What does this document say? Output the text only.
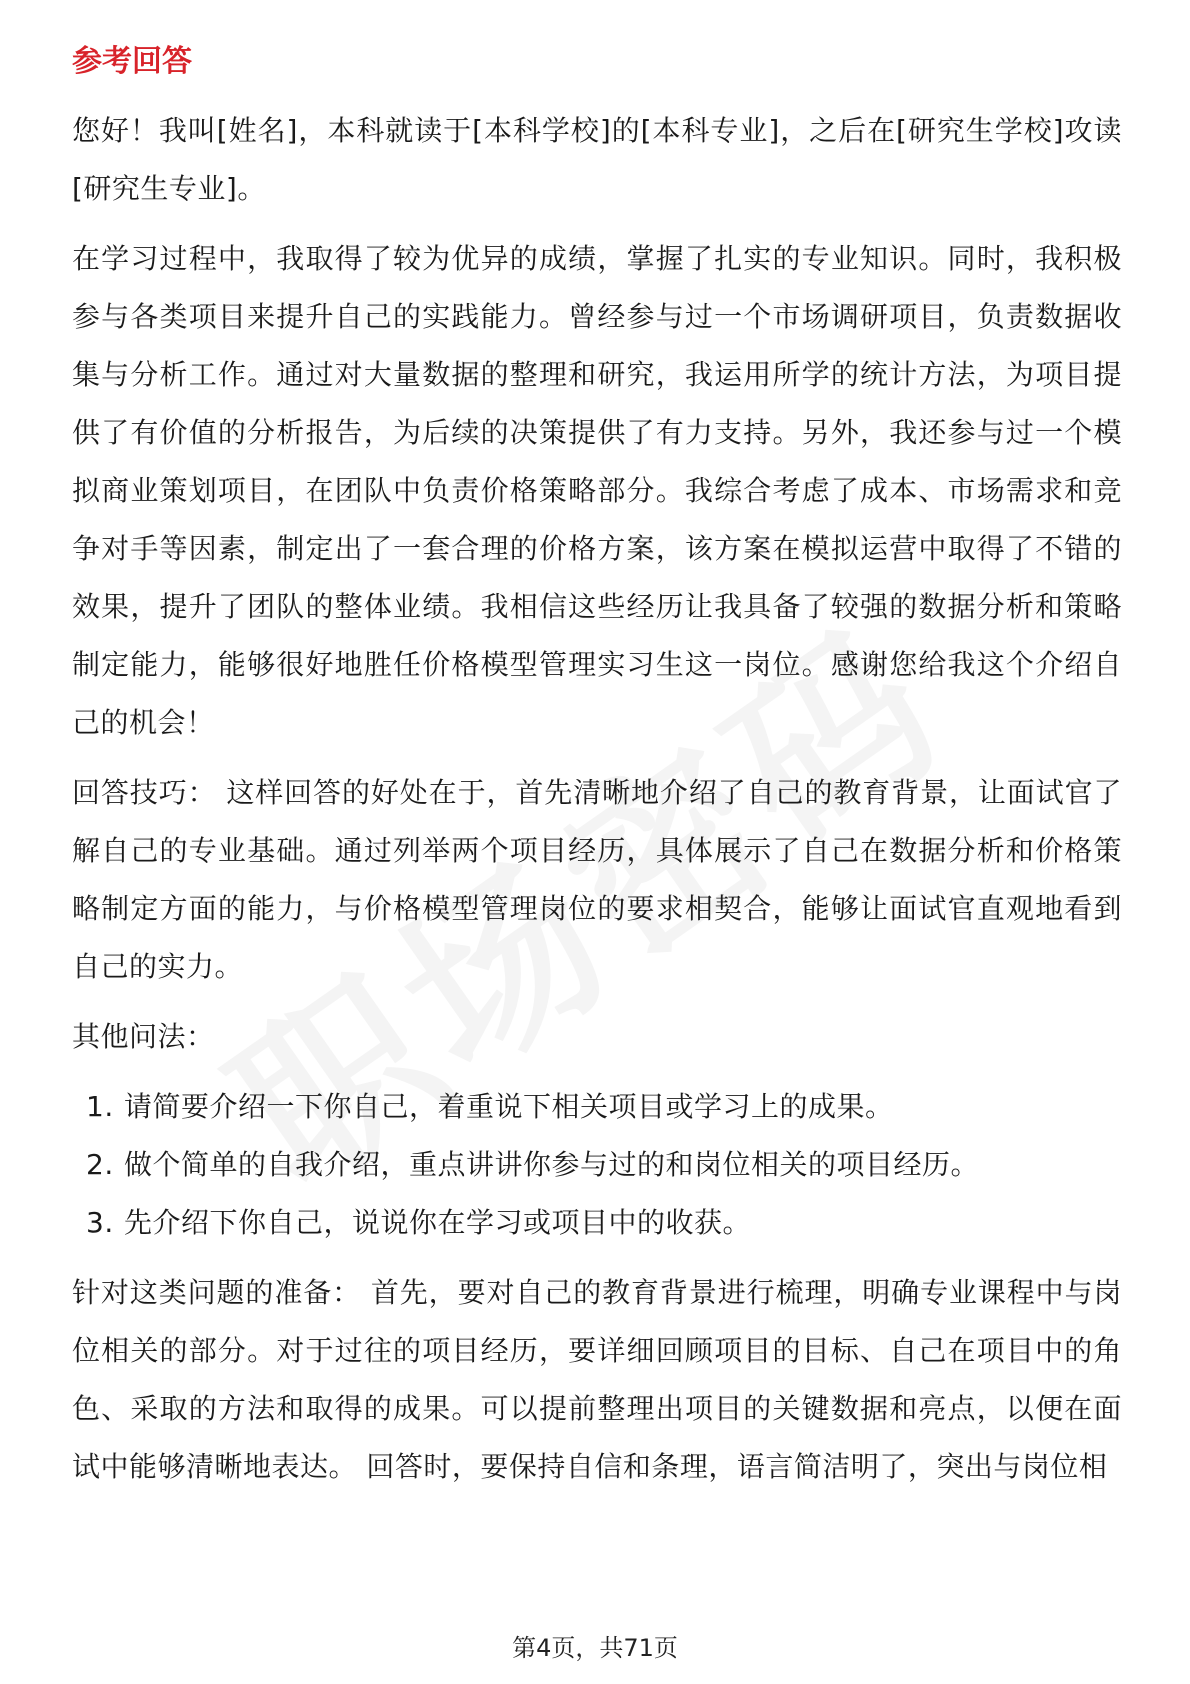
参考回答

您好！我叫[姓名]，本科就读于[本科学校]的[本科专业]，之后在[研究生学校]攻读[研究生专业]。

在学习过程中，我取得了较为优异的成绩，掌握了扎实的专业知识。同时，我积极参与各类项目来提升自己的实践能力。曾经参与过一个市场调研项目，负责数据收集与分析工作。通过对大量数据的整理和研究，我运用所学的统计方法，为项目提供了有价值的分析报告，为后续的决策提供了有力支持。另外，我还参与过一个模拟商业策划项目，在团队中负责价格策略部分。我综合考虑了成本、市场需求和竞争对手等因素，制定出了一套合理的价格方案，该方案在模拟运营中取得了不错的效果，提升了团队的整体业绩。我相信这些经历让我具备了较强的数据分析和策略制定能力，能够很好地胜任价格模型管理实习生这一岗位。感谢您给我这个介绍自己的机会！

回答技巧： 这样回答的好处在于，首先清晰地介绍了自己的教育背景，让面试官了解自己的专业基础。通过列举两个项目经历，具体展示了自己在数据分析和价格策略制定方面的能力，与价格模型管理岗位的要求相契合，能够让面试官直观地看到自己的实力。

其他问法：

1. 请简要介绍一下你自己，着重说下相关项目或学习上的成果。
2. 做个简单的自我介绍，重点讲讲你参与过的和岗位相关的项目经历。
3. 先介绍下你自己，说说你在学习或项目中的收获。

针对这类问题的准备： 首先，要对自己的教育背景进行梳理，明确专业课程中与岗位相关的部分。对于过往的项目经历，要详细回顾项目的目标、自己在项目中的角色、采取的方法和取得的成果。可以提前整理出项目的关键数据和亮点，以便在面试中能够清晰地表达。 回答时，要保持自信和条理，语言简洁明了，突出与岗位相

第4页，共71页
